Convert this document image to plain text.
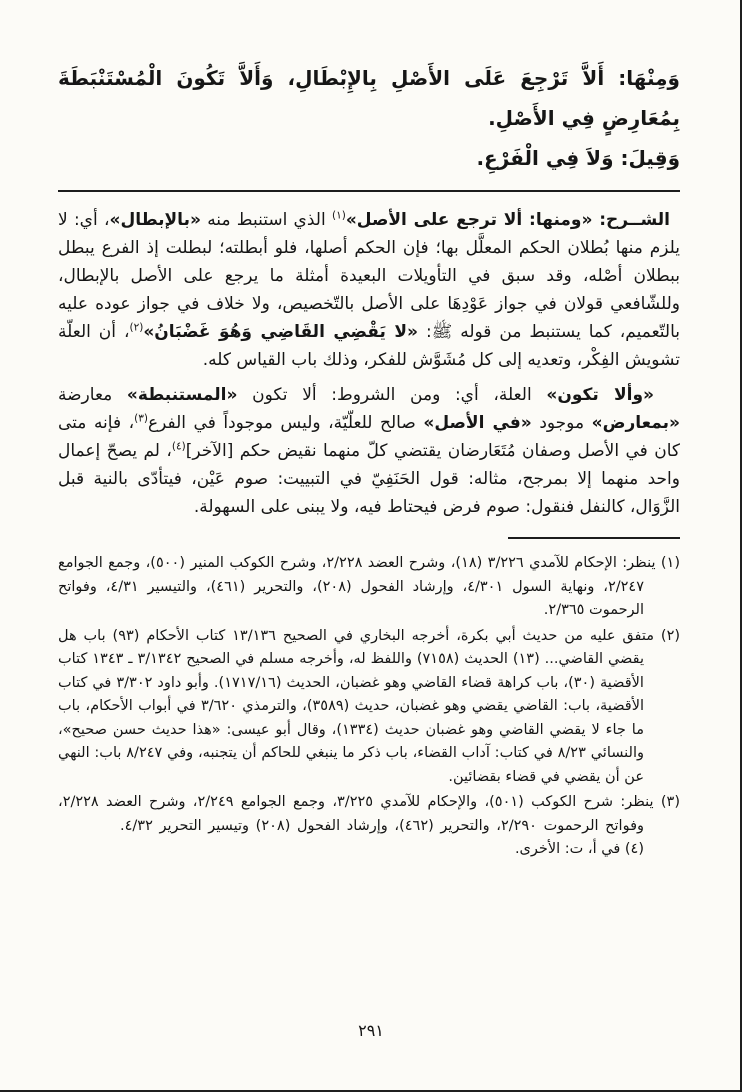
وَمِنْهَا: أَلاَّ تَرْجِعَ عَلَى الأَصْلِ بِالإِبْطَالِ، وَأَلاَّ تَكُونَ الْمُسْتَنْبَطَةَ بِمُعَارِضٍ فِي الأَصْلِ.

وَقِيلَ: وَلاَ فِي الْفَرْعِ.

الشــرح: «ومنها: ألا ترجع على الأصل»$^{(١)}$ الذي استنبط منه «بالإبطال»، أي: لا يلزم منها بُطلان الحكم المعلَّل بها؛ فإن الحكم أصلها، فلو أبطلته؛ لبطلت إذ الفرع يبطل ببطلان أصْله، وقد سبق في التأويلات البعيدة أمثلة ما يرجع على الأصل بالإبطال، وللشّافعي قولان في جواز عَوْدِهَا على الأصل بالتّخصيص، ولا خلاف في جواز عوده عليه بالتّعميم، كما يستنبط من قوله ﷺ: «لا يَقْضِي القَاضِي وَهُوَ غَضْبَانُ»$^{(٢)}$، أن العلّة تشويش الفِكْر، وتعديه إلى كل مُشَوَّش للفكر، وذلك باب القياس كله.

«وألا تكون» العلة، أي: ومن الشروط: ألا تكون «المستنبطة» معارضة «بمعارض» موجود «في الأصل» صالح للعلّيّة، وليس موجوداً في الفرع$^{(٣)}$، فإنه متى كان في الأصل وصفان مُتَعَارضان يقتضي كلّ منهما نقيض حكم [الآخر]$^{(٤)}$، لم يصحّ إعمال واحد منهما إلا بمرجح، مثاله: قول الحَنَفِيّ في التبييت: صوم عَيْن، فيتأدّى بالنية قبل الزَّوَال، كالنفل فنقول: صوم فرض فيحتاط فيه، ولا يبنى على السهولة.

(١) ينظر: الإحكام للآمدي ٣/٢٢٦ (١٨)، وشرح العضد ٢/٢٢٨، وشرح الكوكب المنير (٥٠٠)، وجمع الجوامع ٢/٢٤٧، ونهاية السول ٤/٣٠١، وإرشاد الفحول (٢٠٨)، والتحرير (٤٦١)، والتيسير ٤/٣١، وفواتح الرحموت ٢/٣٦٥.
(٢) متفق عليه من حديث أبي بكرة، أخرجه البخاري في الصحيح ١٣/١٣٦ كتاب الأحكام (٩٣) باب هل يقضي القاضي... (١٣) الحديث (٧١٥٨) واللفظ له، وأخرجه مسلم في الصحيح ٣/١٣٤٢ ـ ١٣٤٣ كتاب الأقضية (٣٠)، باب كراهة قضاء القاضي وهو غضبان، الحديث (١٧١٧/١٦). وأبو داود ٣/٣٠٢ في كتاب الأقضية، باب: القاضي يقضي وهو غضبان، حديث (٣٥٨٩)، والترمذي ٣/٦٢٠ في أبواب الأحكام، باب ما جاء لا يقضي القاضي وهو غضبان حديث (١٣٣٤)، وقال أبو عيسى: «هذا حديث حسن صحيح»، والنسائي ٨/٢٣ في كتاب: آداب القضاء، باب ذكر ما ينبغي للحاكم أن يتجنبه، وفي ٨/٢٤٧ باب: النهي عن أن يقضي في قضاء بقضائين.
(٣) ينظر: شرح الكوكب (٥٠١)، والإحكام للآمدي ٣/٢٢٥، وجمع الجوامع ٢/٢٤٩، وشرح العضد ٢/٢٢٨، وفواتح الرحموت ٢/٢٩٠، والتحرير (٤٦٢)، وإرشاد الفحول (٢٠٨) وتيسير التحرير ٤/٣٢.(٤) في أ، ت: الأخرى.
٢٩١
